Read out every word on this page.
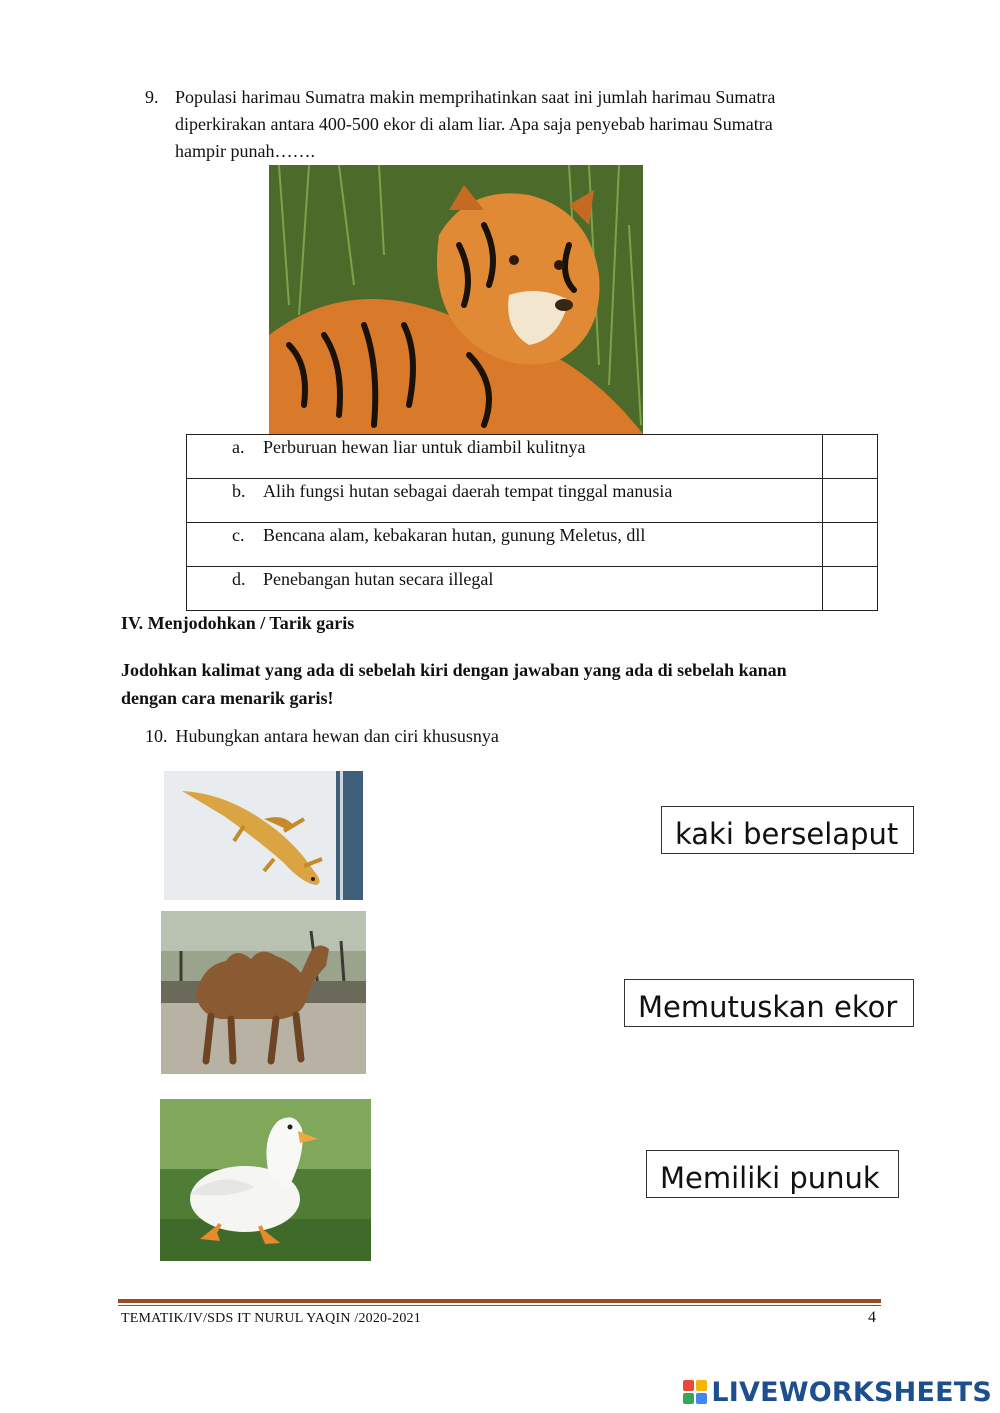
9. Populasi harimau Sumatra makin memprihatinkan saat ini jumlah harimau Sumatra
diperkirakan antara 400-500 ekor di alam liar. Apa saja penyebab harimau Sumatra
hampir punah…….
a. Perburuan hewan liar untuk diambil kulitnya	

b. Alih fungsi hutan sebagai daerah tempat tinggal manusia	

c. Bencana alam, kebakaran hutan, gunung Meletus, dll	

d. Penebangan hutan secara illegal	

IV. Menjodohkan / Tarik garis
Jodohkan kalimat yang ada di sebelah kiri dengan jawaban yang ada di sebelah kanan
dengan cara menarik garis!
10. Hubungkan antara hewan dan ciri khususnya
kaki berselaput
Memutuskan ekor
Memiliki punuk
TEMATIK/IV/SDS IT NURUL YAQIN /2020-2021	4
LIVEWORKSHEETS
